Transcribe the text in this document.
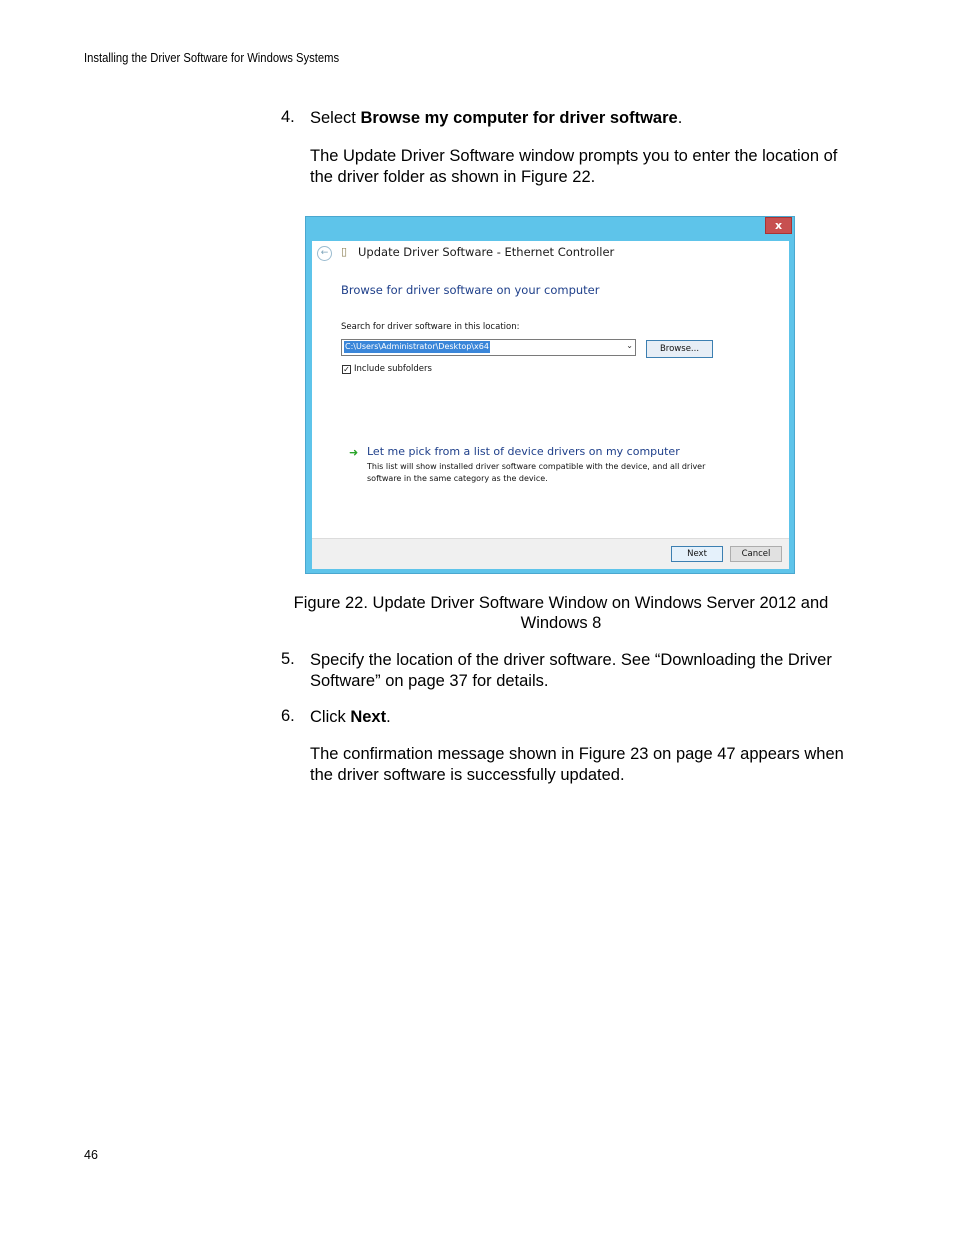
Installing the Driver Software for Windows Systems
4. Select Browse my computer for driver software.
The Update Driver Software window prompts you to enter the location of the driver folder as shown in Figure 22.
x
←	▯ Update Driver Software - Ethernet Controller
Browse for driver software on your computer
Search for driver software in this location:
C:\Users\Administrator\Desktop\x64	⌄	Browse...
✓ Include subfolders
➜ Let me pick from a list of device drivers on my computer
This list will show installed driver software compatible with the device, and all driver software in the same category as the device.
Next	Cancel
Figure 22. Update Driver Software Window on Windows Server 2012 and Windows 8
5. Specify the location of the driver software. See “Downloading the Driver Software” on page 37 for details.
6. Click Next.
The confirmation message shown in Figure 23 on page 47 appears when the driver software is successfully updated.
46
